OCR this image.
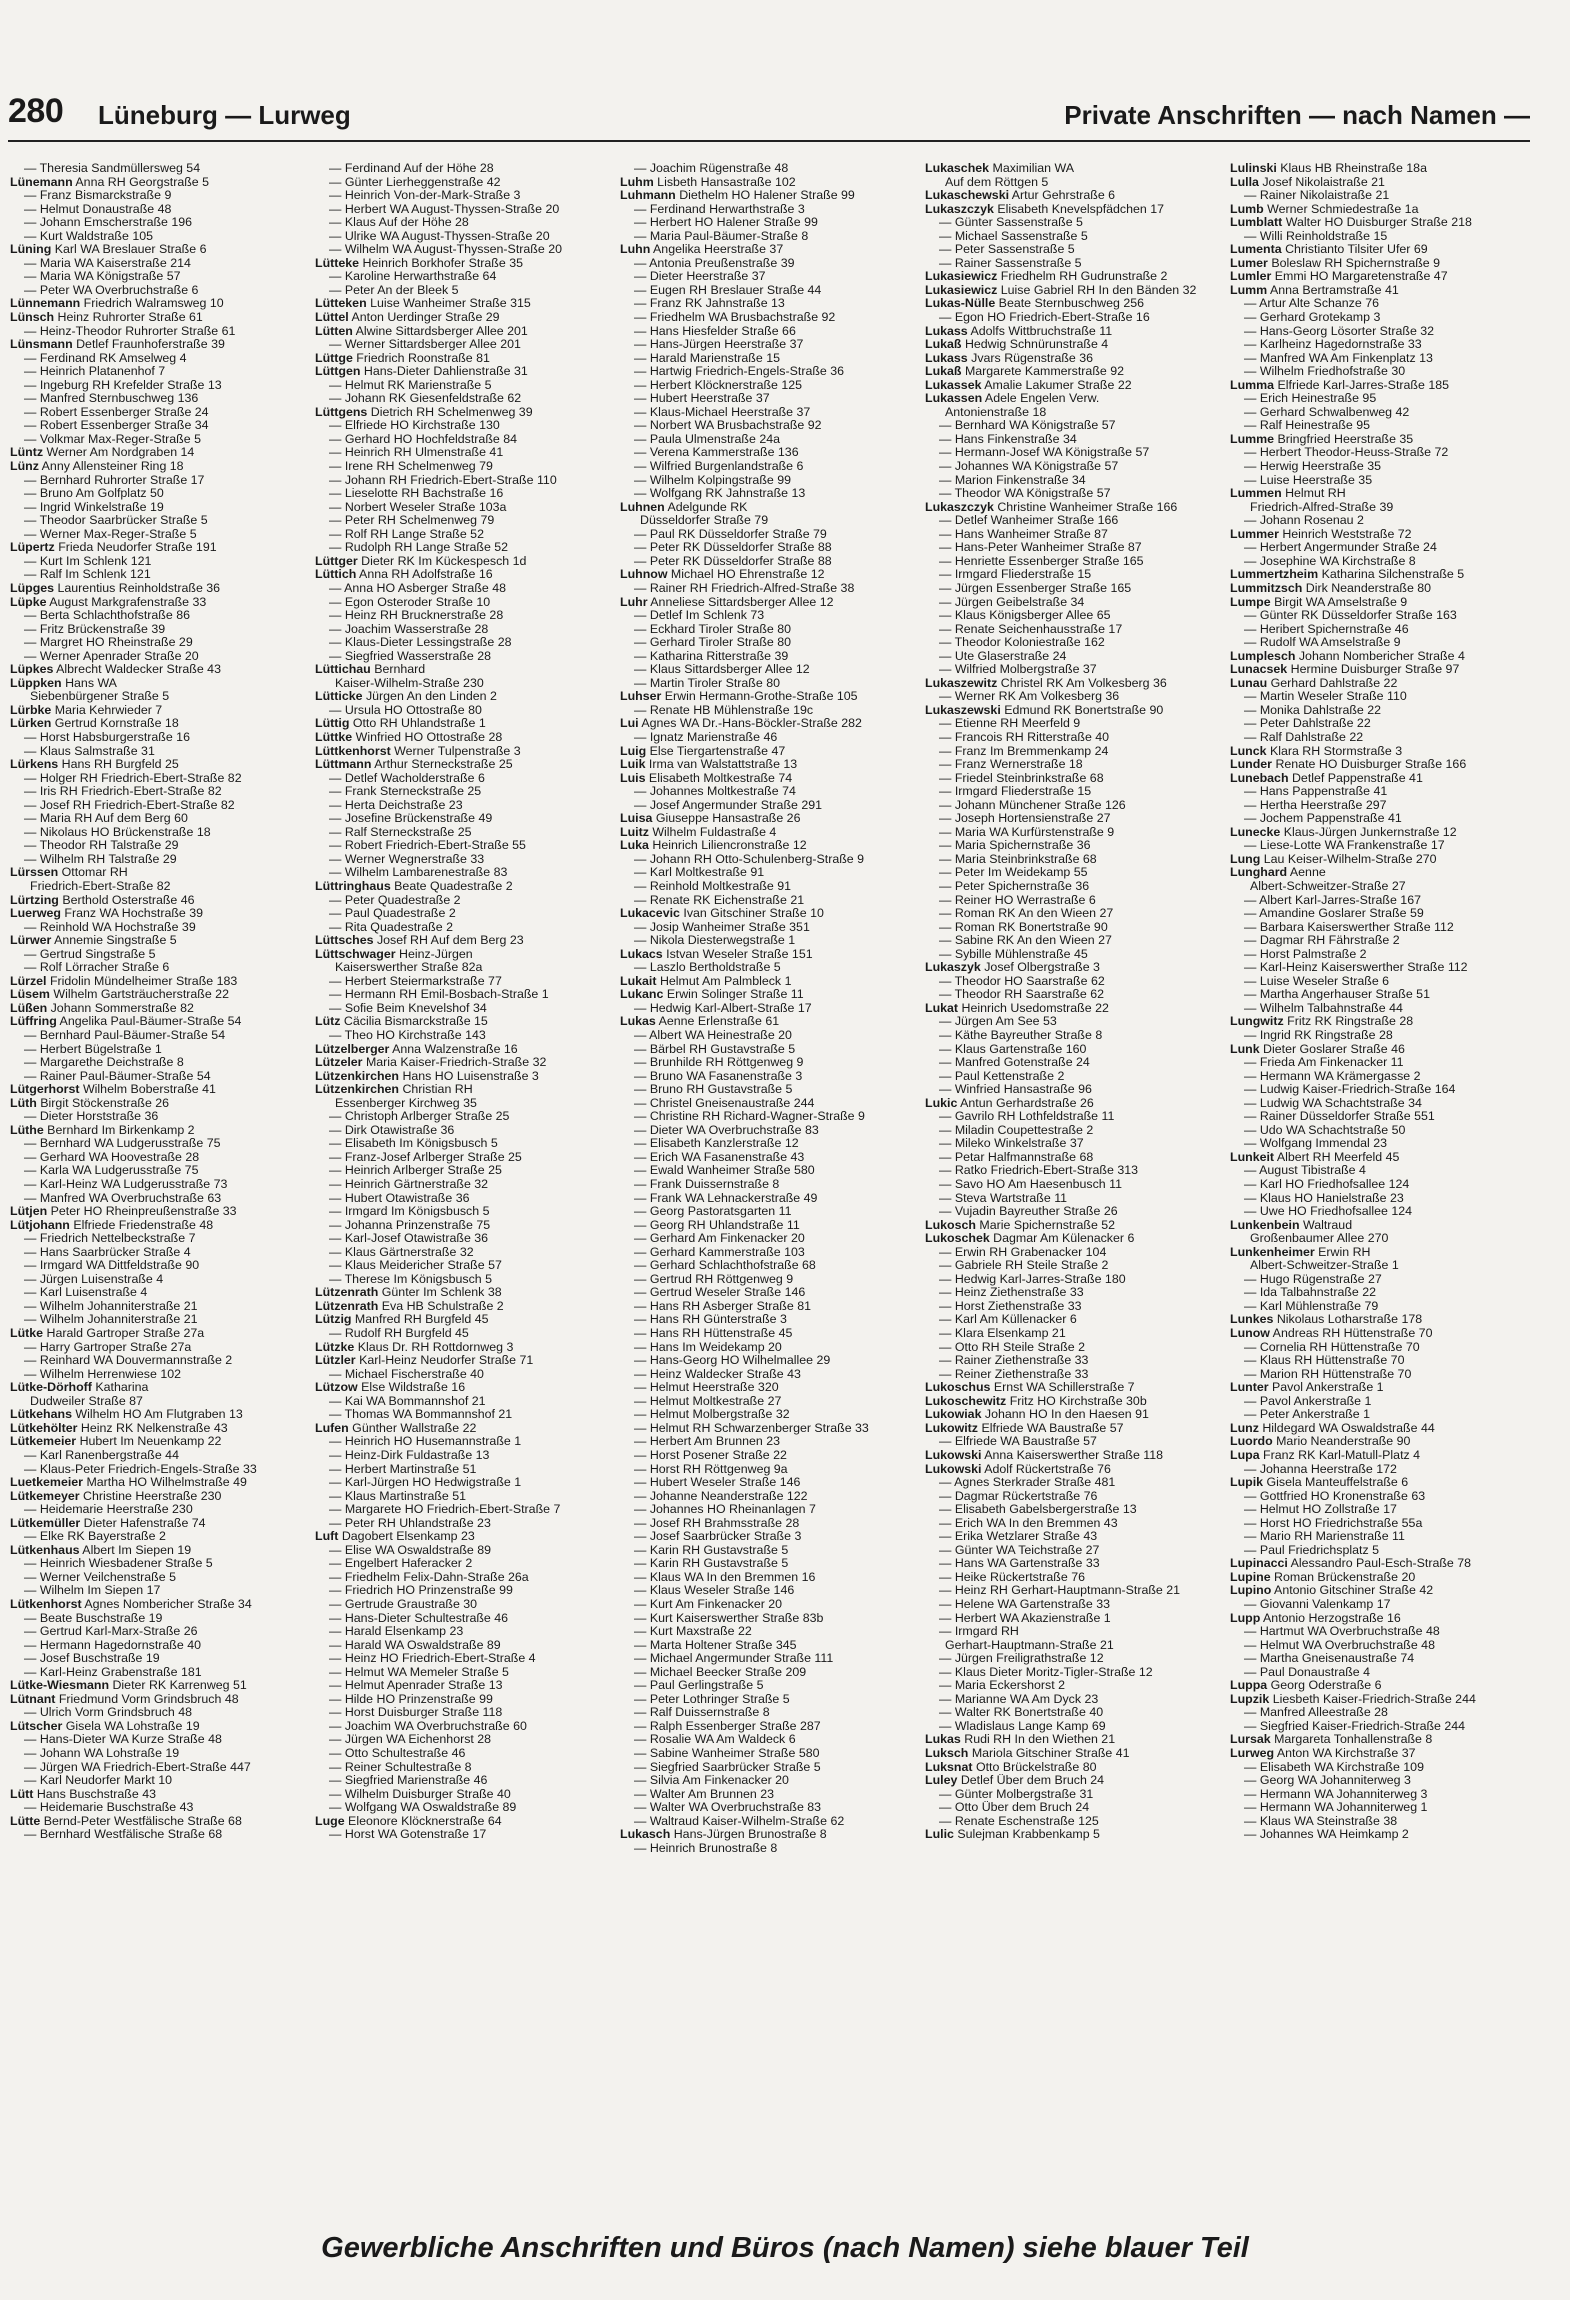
280 Lüneburg — Lurweg	Private Anschriften — nach Namen —
— Theresia Sandmüllersweg 54
Lünemann Anna RH Georgstraße 5
— Franz Bismarckstraße 9
— Helmut Donaustraße 48
— Johann Emscherstraße 196
— Kurt Waldstraße 105
Lüning Karl WA Breslauer Straße 6
— Maria WA Kaiserstraße 214
— Maria WA Königstraße 57
— Peter WA Overbruchstraße 6
Lünnemann Friedrich Walramsweg 10
Lünsch Heinz Ruhrorter Straße 61
— Heinz-Theodor Ruhrorter Straße 61
Lünsmann Detlef Fraunhoferstraße 39
— Ferdinand RK Amselweg 4
— Heinrich Platanenhof 7
— Ingeburg RH Krefelder Straße 13
— Manfred Sternbuschweg 136
— Robert Essenberger Straße 24
— Robert Essenberger Straße 34
— Volkmar Max-Reger-Straße 5
Lüntz Werner Am Nordgraben 14
Lünz Anny Allensteiner Ring 18
— Bernhard Ruhrorter Straße 17
— Bruno Am Golfplatz 50
— Ingrid Winkelstraße 19
— Theodor Saarbrücker Straße 5
— Werner Max-Reger-Straße 5
Lüpertz Frieda Neudorfer Straße 191
— Kurt Im Schlenk 121
— Ralf Im Schlenk 121
Lüpges Laurentius Reinholdstraße 36
Lüpke August Markgrafenstraße 33
— Berta Schlachthofstraße 86
— Fritz Brückenstraße 39
— Margret HO Rheinstraße 29
— Werner Apenrader Straße 20
Lüpkes Albrecht Waldecker Straße 43
Lüppken Hans WA
Siebenbürgener Straße 5
Lürbke Maria Kehrwieder 7
Lürken Gertrud Kornstraße 18
— Horst Habsburgerstraße 16
— Klaus Salmstraße 31
Lürkens Hans RH Burgfeld 25
— Holger RH Friedrich-Ebert-Straße 82
— Iris RH Friedrich-Ebert-Straße 82
— Josef RH Friedrich-Ebert-Straße 82
— Maria RH Auf dem Berg 60
— Nikolaus HO Brückenstraße 18
— Theodor RH Talstraße 29
— Wilhelm RH Talstraße 29
Lürssen Ottomar RH
Friedrich-Ebert-Straße 82
Lürtzing Berthold Osterstraße 46
Luerweg Franz WA Hochstraße 39
— Reinhold WA Hochstraße 39
Lürwer Annemie Singstraße 5
— Gertrud Singstraße 5
— Rolf Lörracher Straße 6
Lürzel Fridolin Mündelheimer Straße 183
Lüsem Wilhelm Gartsträucherstraße 22
Lüßen Johann Sommerstraße 82
Lüffring Angelika Paul-Bäumer-Straße 54
— Bernhard Paul-Bäumer-Straße 54
— Herbert Bügelstraße 1
— Margarethe Deichstraße 8
— Rainer Paul-Bäumer-Straße 54
Lütgerhorst Wilhelm Boberstraße 41
Lüth Birgit Stöckenstraße 26
— Dieter Horststraße 36
Lüthe Bernhard Im Birkenkamp 2
— Bernhard WA Ludgerusstraße 75
— Gerhard WA Hoovestraße 28
— Karla WA Ludgerusstraße 75
— Karl-Heinz WA Ludgerusstraße 73
— Manfred WA Overbruchstraße 63
Lütjen Peter HO Rheinpreußenstraße 33
Lütjohann Elfriede Friedenstraße 48
— Friedrich Nettelbeckstraße 7
— Hans Saarbrücker Straße 4
— Irmgard WA Dittfeldstraße 90
— Jürgen Luisenstraße 4
— Karl Luisenstraße 4
— Wilhelm Johanniterstraße 21
— Wilhelm Johanniterstraße 21
Lütke Harald Gartroper Straße 27a
— Harry Gartroper Straße 27a
— Reinhard WA Douvermannstraße 2
— Wilhelm Herrenwiese 102
Lütke-Dörhoff Katharina
Dudweiler Straße 87
Lütkehans Wilhelm HO Am Flutgraben 13
Lütkehölter Heinz RK Nelkenstraße 43
Lütkemeier Hubert Im Neuenkamp 22
— Karl Ranenbergstraße 44
— Klaus-Peter Friedrich-Engels-Straße 33
Luetkemeier Martha HO Wilhelmstraße 49
Lütkemeyer Christine Heerstraße 230
— Heidemarie Heerstraße 230
Lütkemüller Dieter Hafenstraße 74
— Elke RK Bayerstraße 2
Lütkenhaus Albert Im Siepen 19
— Heinrich Wiesbadener Straße 5
— Werner Veilchenstraße 5
— Wilhelm Im Siepen 17
Lütkenhorst Agnes Nombericher Straße 34
— Beate Buschstraße 19
— Gertrud Karl-Marx-Straße 26
— Hermann Hagedornstraße 40
— Josef Buschstraße 19
— Karl-Heinz Grabenstraße 181
Lütke-Wiesmann Dieter RK Karrenweg 51
Lütnant Friedmund Vorm Grindsbruch 48
— Ulrich Vorm Grindsbruch 48
Lütscher Gisela WA Lohstraße 19
— Hans-Dieter WA Kurze Straße 48
— Johann WA Lohstraße 19
— Jürgen WA Friedrich-Ebert-Straße 447
— Karl Neudorfer Markt 10
Lütt Hans Buschstraße 43
— Heidemarie Buschstraße 43
Lütte Bernd-Peter Westfälische Straße 68
— Bernhard Westfälische Straße 68
— Ferdinand Auf der Höhe 28
— Günter Lierheggenstraße 42
— Heinrich Von-der-Mark-Straße 3
— Herbert WA August-Thyssen-Straße 20
— Klaus Auf der Höhe 28
— Ulrike WA August-Thyssen-Straße 20
— Wilhelm WA August-Thyssen-Straße 20
Lütteke Heinrich Borkhofer Straße 35
— Karoline Herwarthstraße 64
— Peter An der Bleek 5
Lütteken Luise Wanheimer Straße 315
Lüttel Anton Uerdinger Straße 29
Lütten Alwine Sittardsberger Allee 201
— Werner Sittardsberger Allee 201
Lüttge Friedrich Roonstraße 81
Lüttgen Hans-Dieter Dahlienstraße 31
— Helmut RK Marienstraße 5
— Johann RK Giesenfeldstraße 62
Lüttgens Dietrich RH Schelmenweg 39
— Elfriede HO Kirchstraße 130
— Gerhard HO Hochfeldstraße 84
— Heinrich RH Ulmenstraße 41
— Irene RH Schelmenweg 79
— Johann RH Friedrich-Ebert-Straße 110
— Lieselotte RH Bachstraße 16
— Norbert Weseler Straße 103a
— Peter RH Schelmenweg 79
— Rolf RH Lange Straße 52
— Rudolph RH Lange Straße 52
Lüttger Dieter RK Im Kückespesch 1d
Lüttich Anna RH Adolfstraße 16
— Anna HO Asberger Straße 48
— Egon Osteroder Straße 10
— Heinz RH Brucknerstraße 28
— Joachim Wasserstraße 28
— Klaus-Dieter Lessingstraße 28
— Siegfried Wasserstraße 28
Lüttichau Bernhard
Kaiser-Wilhelm-Straße 230
Lütticke Jürgen An den Linden 2
— Ursula HO Ottostraße 80
Lüttig Otto RH Uhlandstraße 1
Lüttke Winfried HO Ottostraße 28
Lüttkenhorst Werner Tulpenstraße 3
Lüttmann Arthur Sterneckstraße 25
— Detlef Wacholderstraße 6
— Frank Sterneckstraße 25
— Herta Deichstraße 23
— Josefine Brückenstraße 49
— Ralf Sterneckstraße 25
— Robert Friedrich-Ebert-Straße 55
— Werner Wegnerstraße 33
— Wilhelm Lambarenestraße 83
Lüttringhaus Beate Quadestraße 2
— Peter Quadestraße 2
— Paul Quadestraße 2
— Rita Quadestraße 2
Lüttsches Josef RH Auf dem Berg 23
Lüttschwager Heinz-Jürgen
Kaiserswerther Straße 82a
— Herbert Steiermarkstraße 77
— Hermann RH Emil-Bosbach-Straße 1
— Sofie Beim Knevelshof 34
Lütz Cäcilia Bismarckstraße 15
— Theo HO Kirchstraße 143
Lützelberger Anna Walzenstraße 16
Lützeler Maria Kaiser-Friedrich-Straße 32
Lützenkirchen Hans HO Luisenstraße 3
Lützenkirchen Christian RH
Essenberger Kirchweg 35
— Christoph Arlberger Straße 25
— Dirk Otawistraße 36
— Elisabeth Im Königsbusch 5
— Franz-Josef Arlberger Straße 25
— Heinrich Arlberger Straße 25
— Heinrich Gärtnerstraße 32
— Hubert Otawistraße 36
— Irmgard Im Königsbusch 5
— Johanna Prinzenstraße 75
— Karl-Josef Otawistraße 36
— Klaus Gärtnerstraße 32
— Klaus Meidericher Straße 57
— Therese Im Königsbusch 5
Lützenrath Günter Im Schlenk 38
Lützenrath Eva HB Schulstraße 2
Lützig Manfred RH Burgfeld 45
— Rudolf RH Burgfeld 45
Lützke Klaus Dr. RH Rottdornweg 3
Lützler Karl-Heinz Neudorfer Straße 71
— Michael Fischerstraße 40
Lützow Else Wildstraße 16
— Kai WA Bommannshof 21
— Thomas WA Bommannshof 21
Lufen Günther Wallstraße 22
— Heinrich HO Husemannstraße 1
— Heinz-Dirk Fuldastraße 13
— Herbert Martinstraße 51
— Karl-Jürgen HO Hedwigstraße 1
— Klaus Martinstraße 51
— Margarete HO Friedrich-Ebert-Straße 7
— Peter RH Uhlandstraße 23
Luft Dagobert Elsenkamp 23
— Elise WA Oswaldstraße 89
— Engelbert Haferacker 2
— Friedhelm Felix-Dahn-Straße 26a
— Friedrich HO Prinzenstraße 99
— Gertrude Graustraße 30
— Hans-Dieter Schultestraße 46
— Harald Elsenkamp 23
— Harald WA Oswaldstraße 89
— Heinz HO Friedrich-Ebert-Straße 4
— Helmut WA Memeler Straße 5
— Helmut Apenrader Straße 13
— Hilde HO Prinzenstraße 99
— Horst Duisburger Straße 118
— Joachim WA Overbruchstraße 60
— Jürgen WA Eichenhorst 28
— Otto Schultestraße 46
— Reiner Schultestraße 8
— Siegfried Marienstraße 46
— Wilhelm Duisburger Straße 40
— Wolfgang WA Oswaldstraße 89
Luge Eleonore Klöcknerstraße 64
— Horst WA Gotenstraße 17
— Joachim Rügenstraße 48
Luhm Lisbeth Hansastraße 102
Luhmann Diethelm HO Halener Straße 99
— Ferdinand Herwarthstraße 3
— Herbert HO Halener Straße 99
— Maria Paul-Bäumer-Straße 8
Luhn Angelika Heerstraße 37
— Antonia Preußenstraße 39
— Dieter Heerstraße 37
— Eugen RH Breslauer Straße 44
— Franz RK Jahnstraße 13
— Friedhelm WA Brusbachstraße 92
— Hans Hiesfelder Straße 66
— Hans-Jürgen Heerstraße 37
— Harald Marienstraße 15
— Hartwig Friedrich-Engels-Straße 36
— Herbert Klöcknerstraße 125
— Hubert Heerstraße 37
— Klaus-Michael Heerstraße 37
— Norbert WA Brusbachstraße 92
— Paula Ulmenstraße 24a
— Verena Kammerstraße 136
— Wilfried Burgenlandstraße 6
— Wilhelm Kolpingstraße 99
— Wolfgang RK Jahnstraße 13
Luhnen Adelgunde RK
Düsseldorfer Straße 79
— Paul RK Düsseldorfer Straße 79
— Peter RK Düsseldorfer Straße 88
— Peter RK Düsseldorfer Straße 88
Luhnow Michael HO Ehrenstraße 12
— Rainer RH Friedrich-Alfred-Straße 38
Luhr Anneliese Sittardsberger Allee 12
— Detlef Im Schlenk 73
— Eckhard Tiroler Straße 80
— Gerhard Tiroler Straße 80
— Katharina Ritterstraße 39
— Klaus Sittardsberger Allee 12
— Martin Tiroler Straße 80
Luhser Erwin Hermann-Grothe-Straße 105
— Renate HB Mühlenstraße 19c
Lui Agnes WA Dr.-Hans-Böckler-Straße 282
— Ignatz Marienstraße 46
Luig Else Tiergartenstraße 47
Luik Irma van Walstattstraße 13
Luis Elisabeth Moltkestraße 74
— Johannes Moltkestraße 74
— Josef Angermunder Straße 291
Luisa Giuseppe Hansastraße 26
Luitz Wilhelm Fuldastraße 4
Luka Heinrich Liliencronstraße 12
— Johann RH Otto-Schulenberg-Straße 9
— Karl Moltkestraße 91
— Reinhold Moltkestraße 91
— Renate RK Eichenstraße 21
Lukacevic Ivan Gitschiner Straße 10
— Josip Wanheimer Straße 351
— Nikola Diesterwegstraße 1
Lukacs Istvan Weseler Straße 151
— Laszlo Bertholdstraße 5
Lukait Helmut Am Palmbleck 1
Lukanc Erwin Solinger Straße 11
— Hedwig Karl-Albert-Straße 17
Lukas Aenne Erlenstraße 61
— Albert WA Heinestraße 20
— Bärbel RH Gustavstraße 5
— Brunhilde RH Röttgenweg 9
— Bruno WA Fasanenstraße 3
— Bruno RH Gustavstraße 5
— Christel Gneisenaustraße 244
— Christine RH Richard-Wagner-Straße 9
— Dieter WA Overbruchstraße 83
— Elisabeth Kanzlerstraße 12
— Erich WA Fasanenstraße 43
— Ewald Wanheimer Straße 580
— Frank Duissernstraße 8
— Frank WA Lehnackerstraße 49
— Georg Pastoratsgarten 11
— Georg RH Uhlandstraße 11
— Gerhard Am Finkenacker 20
— Gerhard Kammerstraße 103
— Gerhard Schlachthofstraße 68
— Gertrud RH Röttgenweg 9
— Gertrud Weseler Straße 146
— Hans RH Asberger Straße 81
— Hans RH Günterstraße 3
— Hans RH Hüttenstraße 45
— Hans Im Weidekamp 20
— Hans-Georg HO Wilhelmallee 29
— Heinz Waldecker Straße 43
— Helmut Heerstraße 320
— Helmut Moltkestraße 27
— Helmut Molbergstraße 32
— Helmut RH Schwarzenberger Straße 33
— Herbert Am Brunnen 23
— Horst Posener Straße 22
— Horst RH Röttgenweg 9a
— Hubert Weseler Straße 146
— Johanne Neanderstraße 122
— Johannes HO Rheinanlagen 7
— Josef RH Brahmsstraße 28
— Josef Saarbrücker Straße 3
— Karin RH Gustavstraße 5
— Karin RH Gustavstraße 5
— Klaus WA In den Bremmen 16
— Klaus Weseler Straße 146
— Kurt Am Finkenacker 20
— Kurt Kaiserswerther Straße 83b
— Kurt Maxstraße 22
— Marta Holtener Straße 345
— Michael Angermunder Straße 111
— Michael Beecker Straße 209
— Paul Gerlingstraße 5
— Peter Lothringer Straße 5
— Ralf Duissernstraße 8
— Ralph Essenberger Straße 287
— Rosalie WA Am Waldeck 6
— Sabine Wanheimer Straße 580
— Siegfried Saarbrücker Straße 5
— Silvia Am Finkenacker 20
— Walter Am Brunnen 23
— Walter WA Overbruchstraße 83
— Waltraud Kaiser-Wilhelm-Straße 62
Lukasch Hans-Jürgen Brunostraße 8
— Heinrich Brunostraße 8
Lukaschek Maximilian WA
Auf dem Röttgen 5
Lukaschewski Artur Gehrstraße 6
Lukaszczyk Elisabeth Knevelspfädchen 17
— Günter Sassenstraße 5
— Michael Sassenstraße 5
— Peter Sassenstraße 5
— Rainer Sassenstraße 5
Lukasiewicz Friedhelm RH Gudrunstraße 2
Lukasiewicz Luise Gabriel RH In den Bänden 32
Lukas-Nülle Beate Sternbuschweg 256
— Egon HO Friedrich-Ebert-Straße 16
Lukass Adolfs Wittbruchstraße 11
Lukaß Hedwig Schnürunstraße 4
Lukass Jvars Rügenstraße 36
Lukaß Margarete Kammerstraße 92
Lukassek Amalie Lakumer Straße 22
Lukassen Adele Engelen Verw.
Antonienstraße 18
— Bernhard WA Königstraße 57
— Hans Finkenstraße 34
— Hermann-Josef WA Königstraße 57
— Johannes WA Königstraße 57
— Marion Finkenstraße 34
— Theodor WA Königstraße 57
Lukaszczyk Christine Wanheimer Straße 166
— Detlef Wanheimer Straße 166
— Hans Wanheimer Straße 87
— Hans-Peter Wanheimer Straße 87
— Henriette Essenberger Straße 165
— Irmgard Fliederstraße 15
— Jürgen Essenberger Straße 165
— Jürgen Geibelstraße 34
— Klaus Königsberger Allee 65
— Renate Seichenhausstraße 17
— Theodor Koloniestraße 162
— Ute Glaserstraße 24
— Wilfried Molbergstraße 37
Lukaszewitz Christel RK Am Volkesberg 36
— Werner RK Am Volkesberg 36
Lukaszewski Edmund RK Bonertstraße 90
— Etienne RH Meerfeld 9
— Francois RH Ritterstraße 40
— Franz Im Bremmenkamp 24
— Franz Wernerstraße 18
— Friedel Steinbrinkstraße 68
— Irmgard Fliederstraße 15
— Johann Münchener Straße 126
— Joseph Hortensienstraße 27
— Maria WA Kurfürstenstraße 9
— Maria Spichernstraße 36
— Maria Steinbrinkstraße 68
— Peter Im Weidekamp 55
— Peter Spichernstraße 36
— Reiner HO Werrastraße 6
— Roman RK An den Wieen 27
— Roman RK Bonertstraße 90
— Sabine RK An den Wieen 27
— Sybille Mühlenstraße 45
Lukaszyk Josef Olbergstraße 3
— Theodor HO Saarstraße 62
— Theodor RH Saarstraße 62
Lukat Heinrich Usedomstraße 22
— Jürgen Am See 53
— Käthe Bayreuther Straße 8
— Klaus Gartenstraße 160
— Manfred Gotenstraße 24
— Paul Kettenstraße 2
— Winfried Hansastraße 96
Lukic Antun Gerhardstraße 26
— Gavrilo RH Lothfeldstraße 11
— Miladin Coupettestraße 2
— Mileko Winkelstraße 37
— Petar Halfmannstraße 68
— Ratko Friedrich-Ebert-Straße 313
— Savo HO Am Haesenbusch 11
— Steva Wartstraße 11
— Vujadin Bayreuther Straße 26
Lukosch Marie Spichernstraße 52
Lukoschek Dagmar Am Külenacker 6
— Erwin RH Grabenacker 104
— Gabriele RH Steile Straße 2
— Hedwig Karl-Jarres-Straße 180
— Heinz Ziethenstraße 33
— Horst Ziethenstraße 33
— Karl Am Küllenacker 6
— Klara Elsenkamp 21
— Otto RH Steile Straße 2
— Rainer Ziethenstraße 33
— Reiner Ziethenstraße 33
Lukoschus Ernst WA Schillerstraße 7
Lukoschewitz Fritz HO Kirchstraße 30b
Lukowiak Johann HO In den Haesen 91
Lukowitz Elfriede WA Baustraße 57
— Elfriede WA Baustraße 57
Lukowski Anna Kaiserswerther Straße 118
Lukowski Adolf Rückertstraße 76
— Agnes Sterkrader Straße 481
— Dagmar Rückertstraße 76
— Elisabeth Gabelsbergerstraße 13
— Erich WA In den Bremmen 43
— Erika Wetzlarer Straße 43
— Günter WA Teichstraße 27
— Hans WA Gartenstraße 33
— Heike Rückertstraße 76
— Heinz RH Gerhart-Hauptmann-Straße 21
— Helene WA Gartenstraße 33
— Herbert WA Akazienstraße 1
— Irmgard RH
Gerhart-Hauptmann-Straße 21
— Jürgen Freiligrathstraße 12
— Klaus Dieter Moritz-Tigler-Straße 12
— Maria Eckershorst 2
— Marianne WA Am Dyck 23
— Walter RK Bonertstraße 40
— Wladislaus Lange Kamp 69
Lukas Rudi RH In den Wiethen 21
Luksch Mariola Gitschiner Straße 41
Luksnat Otto Brückelstraße 80
Luley Detlef Über dem Bruch 24
— Günter Molbergstraße 31
— Otto Über dem Bruch 24
— Renate Eschenstraße 125
Lulic Sulejman Krabbenkamp 5
Lulinski Klaus HB Rheinstraße 18a
Lulla Josef Nikolaistraße 21
— Rainer Nikolaistraße 21
Lumb Werner Schmiedestraße 1a
Lumblatt Walter HO Duisburger Straße 218
— Willi Reinholdstraße 15
Lumenta Christianto Tilsiter Ufer 69
Lumer Boleslaw RH Spichernstraße 9
Lumler Emmi HO Margaretenstraße 47
Lumm Anna Bertramstraße 41
— Artur Alte Schanze 76
— Gerhard Grotekamp 3
— Hans-Georg Lösorter Straße 32
— Karlheinz Hagedornstraße 33
— Manfred WA Am Finkenplatz 13
— Wilhelm Friedhofstraße 30
Lumma Elfriede Karl-Jarres-Straße 185
— Erich Heinestraße 95
— Gerhard Schwalbenweg 42
— Ralf Heinestraße 95
Lumme Bringfried Heerstraße 35
— Herbert Theodor-Heuss-Straße 72
— Herwig Heerstraße 35
— Luise Heerstraße 35
Lummen Helmut RH
Friedrich-Alfred-Straße 39
— Johann Rosenau 2
Lummer Heinrich Weststraße 72
— Herbert Angermunder Straße 24
— Josephine WA Kirchstraße 8
Lummertzheim Katharina Silchenstraße 5
Lummitzsch Dirk Neanderstraße 80
Lumpe Birgit WA Amselstraße 9
— Günter RK Düsseldorfer Straße 163
— Heribert Spichernstraße 46
— Rudolf WA Amselstraße 9
Lumplesch Johann Nombericher Straße 4
Lunacsek Hermine Duisburger Straße 97
Lunau Gerhard Dahlstraße 22
— Martin Weseler Straße 110
— Monika Dahlstraße 22
— Peter Dahlstraße 22
— Ralf Dahlstraße 22
Lunck Klara RH Stormstraße 3
Lunder Renate HO Duisburger Straße 166
Lunebach Detlef Pappenstraße 41
— Hans Pappenstraße 41
— Hertha Heerstraße 297
— Jochem Pappenstraße 41
Lunecke Klaus-Jürgen Junkernstraße 12
— Liese-Lotte WA Frankenstraße 17
Lung Lau Keiser-Wilhelm-Straße 270
Lunghard Aenne
Albert-Schweitzer-Straße 27
— Albert Karl-Jarres-Straße 167
— Amandine Goslarer Straße 59
— Barbara Kaiserswerther Straße 112
— Dagmar RH Fährstraße 2
— Horst Palmstraße 2
— Karl-Heinz Kaiserswerther Straße 112
— Luise Weseler Straße 6
— Martha Angerhauser Straße 51
— Wilhelm Talbahnstraße 44
Lungwitz Fritz RK Ringstraße 28
— Ingrid RK Ringstraße 28
Lunk Dieter Goslarer Straße 46
— Frieda Am Finkenacker 11
— Hermann WA Krämergasse 2
— Ludwig Kaiser-Friedrich-Straße 164
— Ludwig WA Schachtstraße 34
— Rainer Düsseldorfer Straße 551
— Udo WA Schachtstraße 50
— Wolfgang Immendal 23
Lunkeit Albert RH Meerfeld 45
— August Tibistraße 4
— Karl HO Friedhofsallee 124
— Klaus HO Hanielstraße 23
— Uwe HO Friedhofsallee 124
Lunkenbein Waltraud
Großenbaumer Allee 270
Lunkenheimer Erwin RH
Albert-Schweitzer-Straße 1
— Hugo Rügenstraße 27
— Ida Talbahnstraße 22
— Karl Mühlenstraße 79
Lunkes Nikolaus Lotharstraße 178
Lunow Andreas RH Hüttenstraße 70
— Cornelia RH Hüttenstraße 70
— Klaus RH Hüttenstraße 70
— Marion RH Hüttenstraße 70
Lunter Pavol Ankerstraße 1
— Pavol Ankerstraße 1
— Peter Ankerstraße 1
Lunz Hildegard WA Oswaldstraße 44
Luordo Mario Neanderstraße 90
Lupa Franz RK Karl-Matull-Platz 4
— Johanna Heerstraße 172
Lupik Gisela Manteuffelstraße 6
— Gottfried HO Kronenstraße 63
— Helmut HO Zollstraße 17
— Horst HO Friedrichstraße 55a
— Mario RH Marienstraße 11
— Paul Friedrichsplatz 5
Lupinacci Alessandro Paul-Esch-Straße 78
Lupine Roman Brückenstraße 20
Lupino Antonio Gitschiner Straße 42
— Giovanni Valenkamp 17
Lupp Antonio Herzogstraße 16
— Hartmut WA Overbruchstraße 48
— Helmut WA Overbruchstraße 48
— Martha Gneisenaustraße 74
— Paul Donaustraße 4
Luppa Georg Oderstraße 6
Lupzik Liesbeth Kaiser-Friedrich-Straße 244
— Manfred Alleestraße 28
— Siegfried Kaiser-Friedrich-Straße 244
Lursak Margareta Tonhallenstraße 8
Lurweg Anton WA Kirchstraße 37
— Elisabeth WA Kirchstraße 109
— Georg WA Johanniterweg 3
— Hermann WA Johanniterweg 3
— Hermann WA Johanniterweg 1
— Klaus WA Steinstraße 38
— Johannes WA Heimkamp 2
Gewerbliche Anschriften und Büros (nach Namen) siehe blauer Teil
